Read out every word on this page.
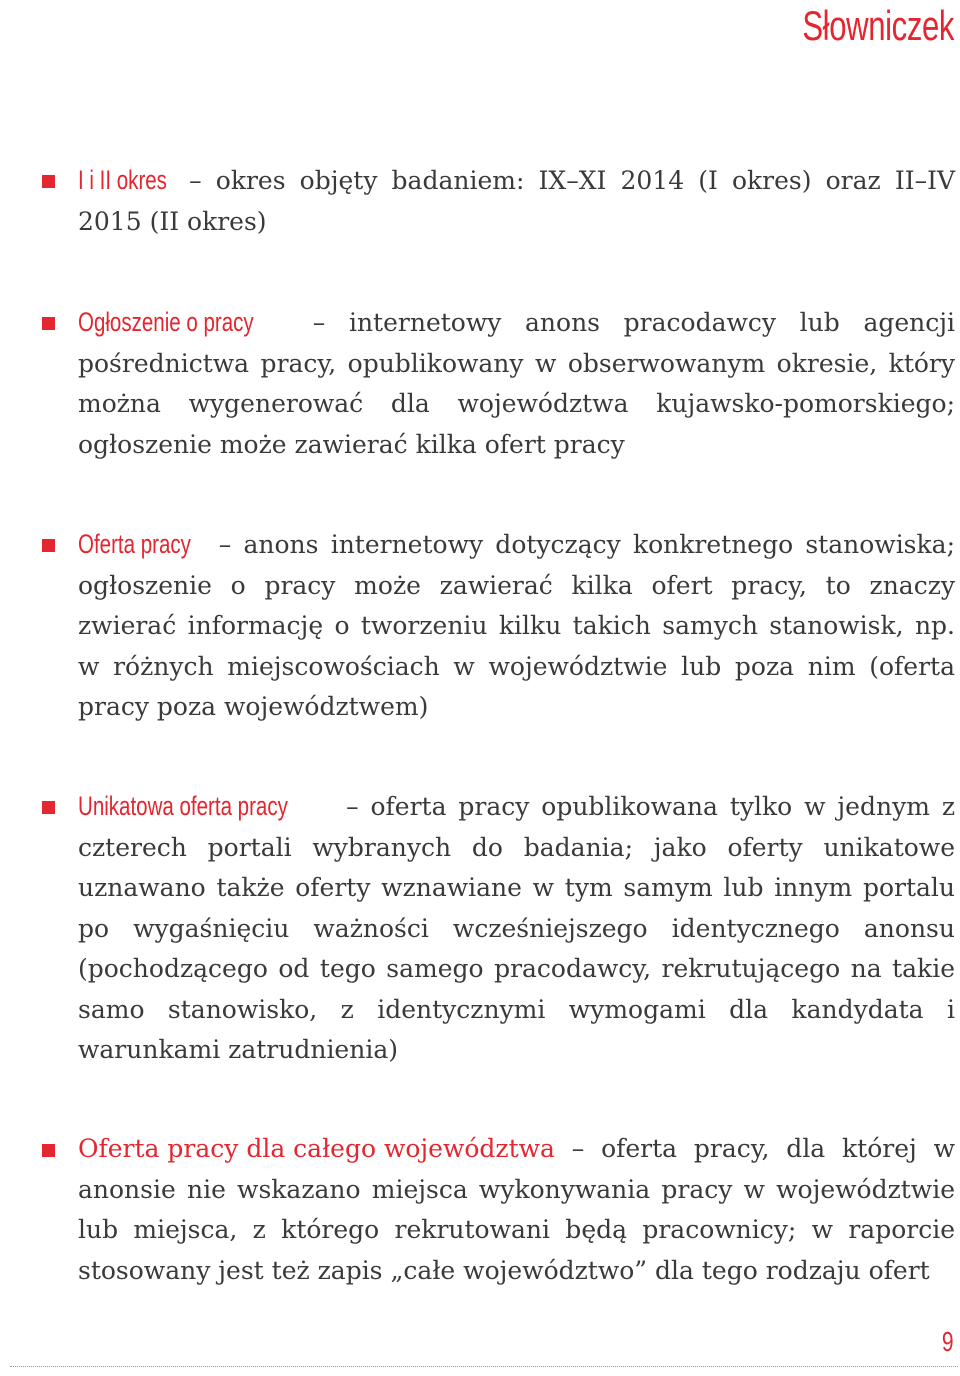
Słowniczek
I i II okres – okres objęty badaniem: IX–XI 2014 (I okres) oraz II–IV 2015 (II okres)
Ogłoszenie o pracy – internetowy anons pracodawcy lub agencji pośrednictwa pracy, opublikowany w obserwowanym okresie, który można wygenerować dla województwa kujawsko-pomorskiego; ogłoszenie może zawierać kilka ofert pracy
Oferta pracy – anons internetowy dotyczący konkretnego stanowiska; ogłoszenie o pracy może zawierać kilka ofert pracy, to znaczy zwierać informację o tworzeniu kilku takich samych stanowisk, np. w różnych miejscowościach w województwie lub poza nim (oferta pracy poza województwem)
Unikatowa oferta pracy – oferta pracy opublikowana tylko w jednym z czterech portali wybranych do badania; jako oferty unikatowe uznawano także oferty wznawiane w tym samym lub innym portalu po wygaśnięciu ważności wcześniejszego identycznego anonsu (pochodzącego od tego samego pracodawcy, rekrutującego na takie samo stanowisko, z identycznymi wymogami dla kandydata i warunkami zatrudnienia)
Oferta pracy dla całego województwa – oferta pracy, dla której w anonsie nie wskazano miejsca wykonywania pracy w województwie lub miejsca, z którego rekrutowani będą pracownicy; w raporcie stosowany jest też zapis „całe województwo” dla tego rodzaju ofert
9
